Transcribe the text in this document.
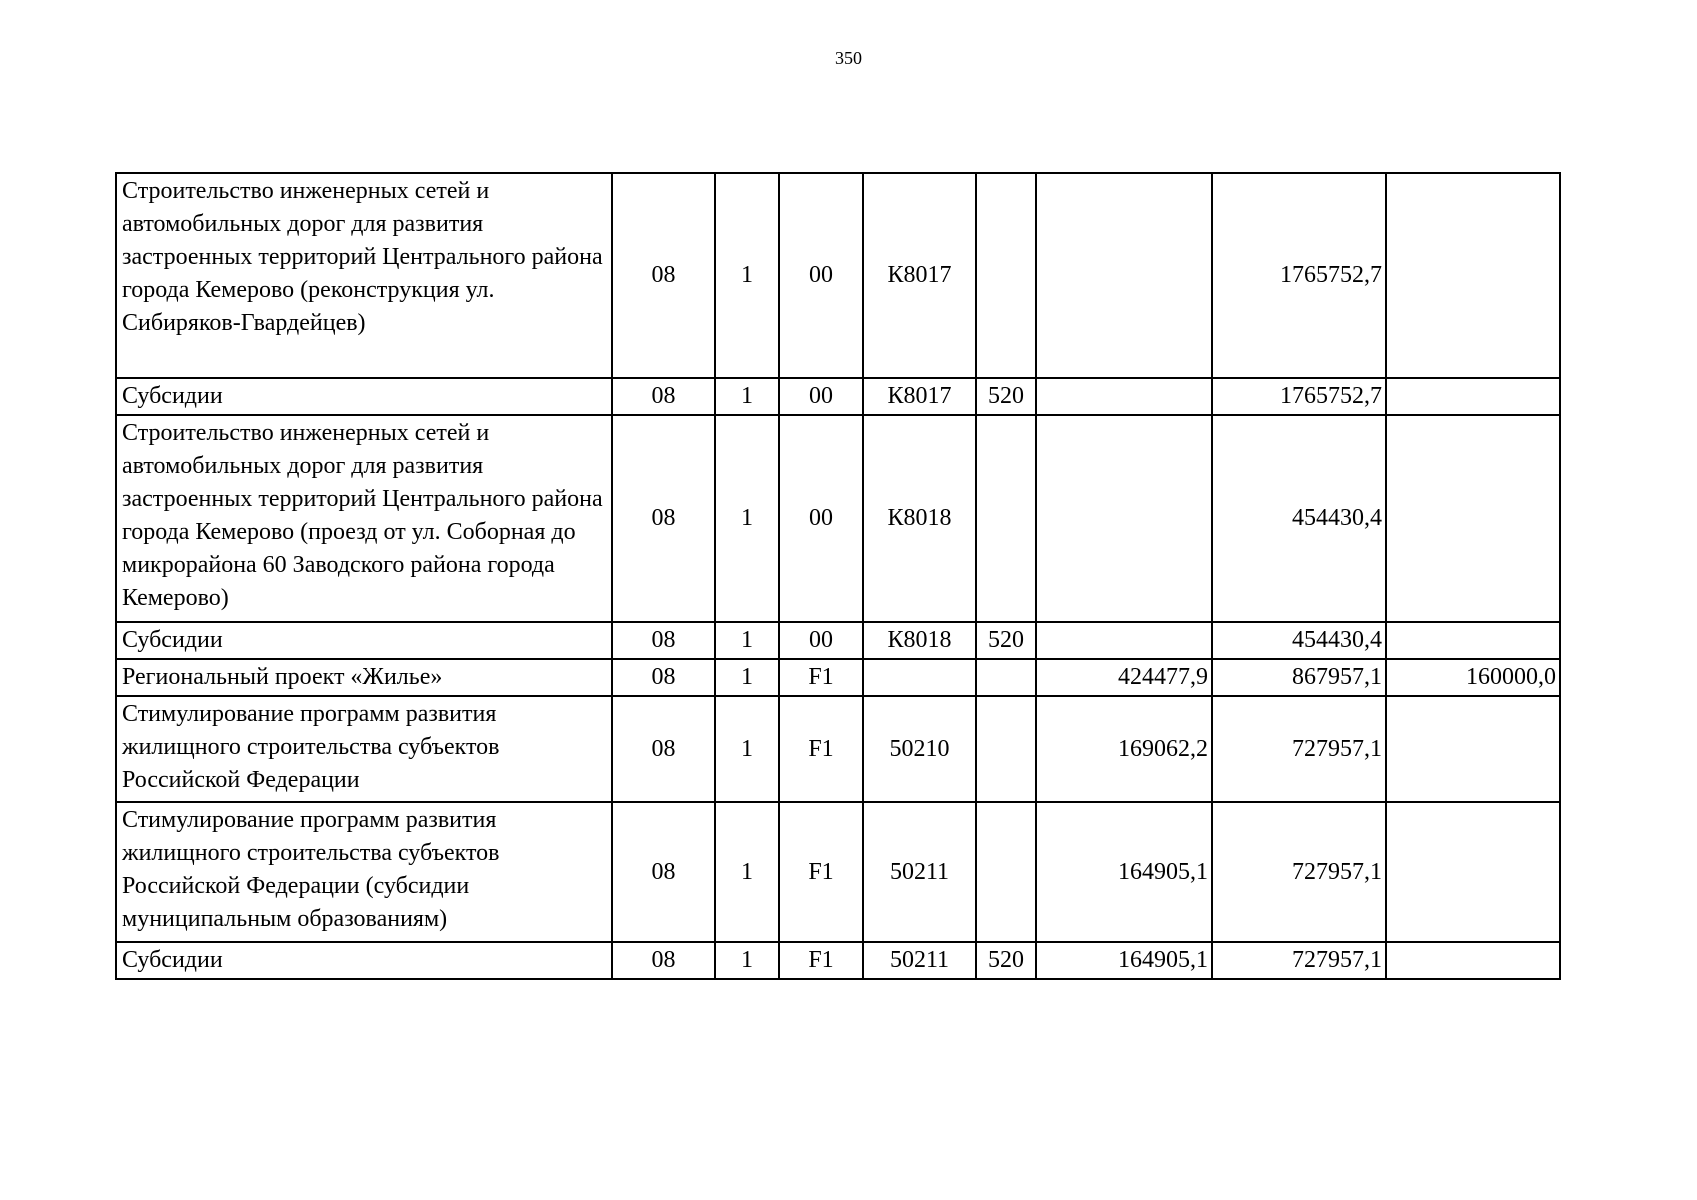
350
Строительство инженерных сетей и автомобильных дорог для развития застроенных территорий Центрального района города Кемерово (реконструкция ул. Сибиряков-Гвардейцев)	08	1	00	К8017			1765752,7	
Субсидии	08	1	00	К8017	520		1765752,7	
Строительство инженерных сетей и автомобильных дорог для развития застроенных территорий Центрального района города Кемерово (проезд от ул. Соборная до микрорайона 60 Заводского района города Кемерово)	08	1	00	К8018			454430,4	
Субсидии	08	1	00	К8018	520		454430,4	
Региональный проект «Жилье»	08	1	F1			424477,9	867957,1	160000,0
Стимулирование программ развития жилищного строительства субъектов Российской Федерации	08	1	F1	50210		169062,2	727957,1	
Стимулирование программ развития жилищного строительства субъектов Российской Федерации (субсидии муниципальным образованиям)	08	1	F1	50211		164905,1	727957,1	
Субсидии	08	1	F1	50211	520	164905,1	727957,1	
